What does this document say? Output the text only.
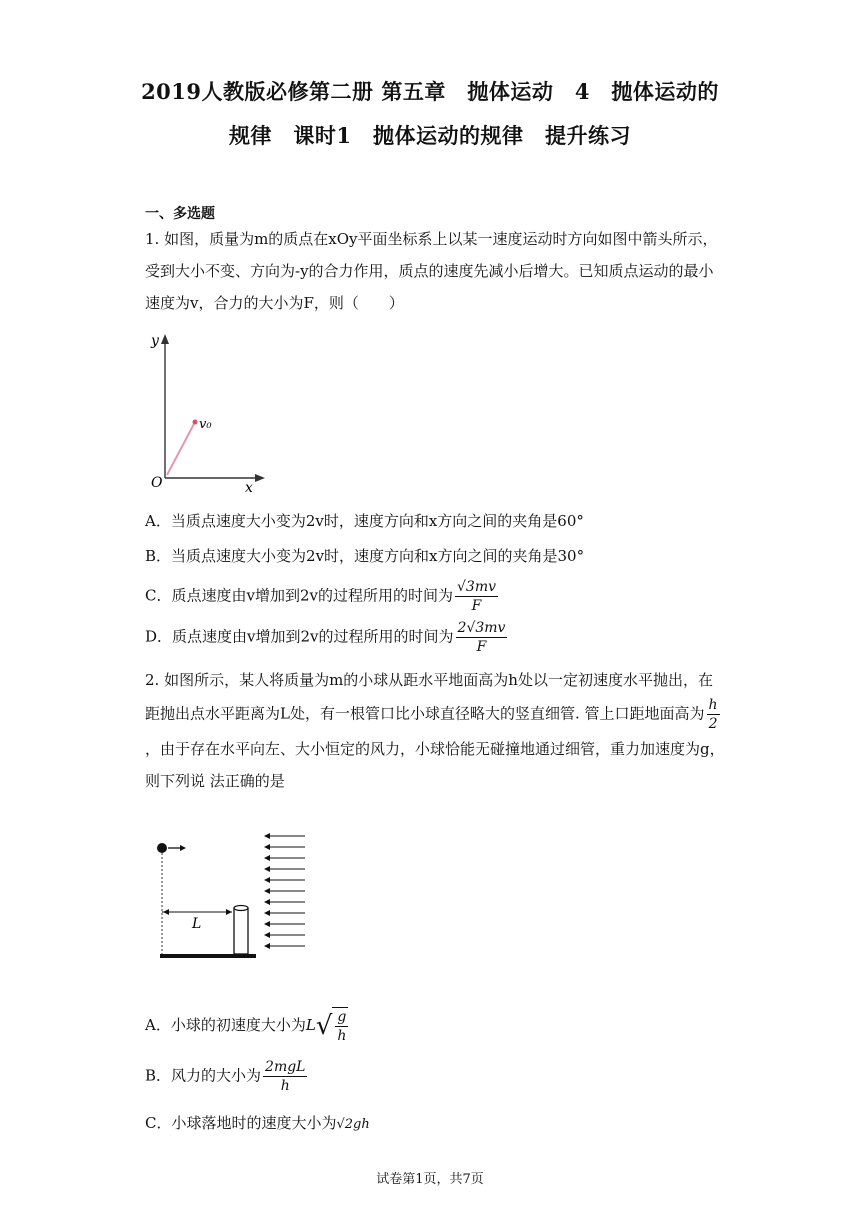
2019人教版必修第二册 第五章　抛体运动　4　抛体运动的
规律　课时1　抛体运动的规律　提升练习
一、多选题
1. 如图，质量为m的质点在xOy平面坐标系上以某一速度运动时方向如图中箭头所示，受到大小不变、方向为-y的合力作用，质点的速度先减小后增大。已知质点运动的最小速度为v，合力的大小为F，则（　　）
y
x
O
v₀
A．当质点速度大小变为2v时，速度方向和x方向之间的夹角是60°
B．当质点速度大小变为2v时，速度方向和x方向之间的夹角是30°
C．质点速度由v增加到2v的过程所用的时间为 $\frac{√3mv}{F}$
D．质点速度由v增加到2v的过程所用的时间为 $\frac{2√3mv}{F}$
2. 如图所示，某人将质量为m的小球从距水平地面高为h处以一定初速度水平抛出，在距抛出点水平距离为L处，有一根管口比小球直径略大的竖直细管. 管上口距地面高为 $\frac{h}{2}$
，由于存在水平向左、大小恒定的风力，小球恰能无碰撞地通过细管，重力加速度为g，则下列说 法正确的是
L
A．小球的初速度大小为$L√ \frac{g}{h}$
B．风力的大小为 $\frac{\text{2mgL}}{h}$
C．小球落地时的速度大小为√2gh
试卷第1页，共7页
